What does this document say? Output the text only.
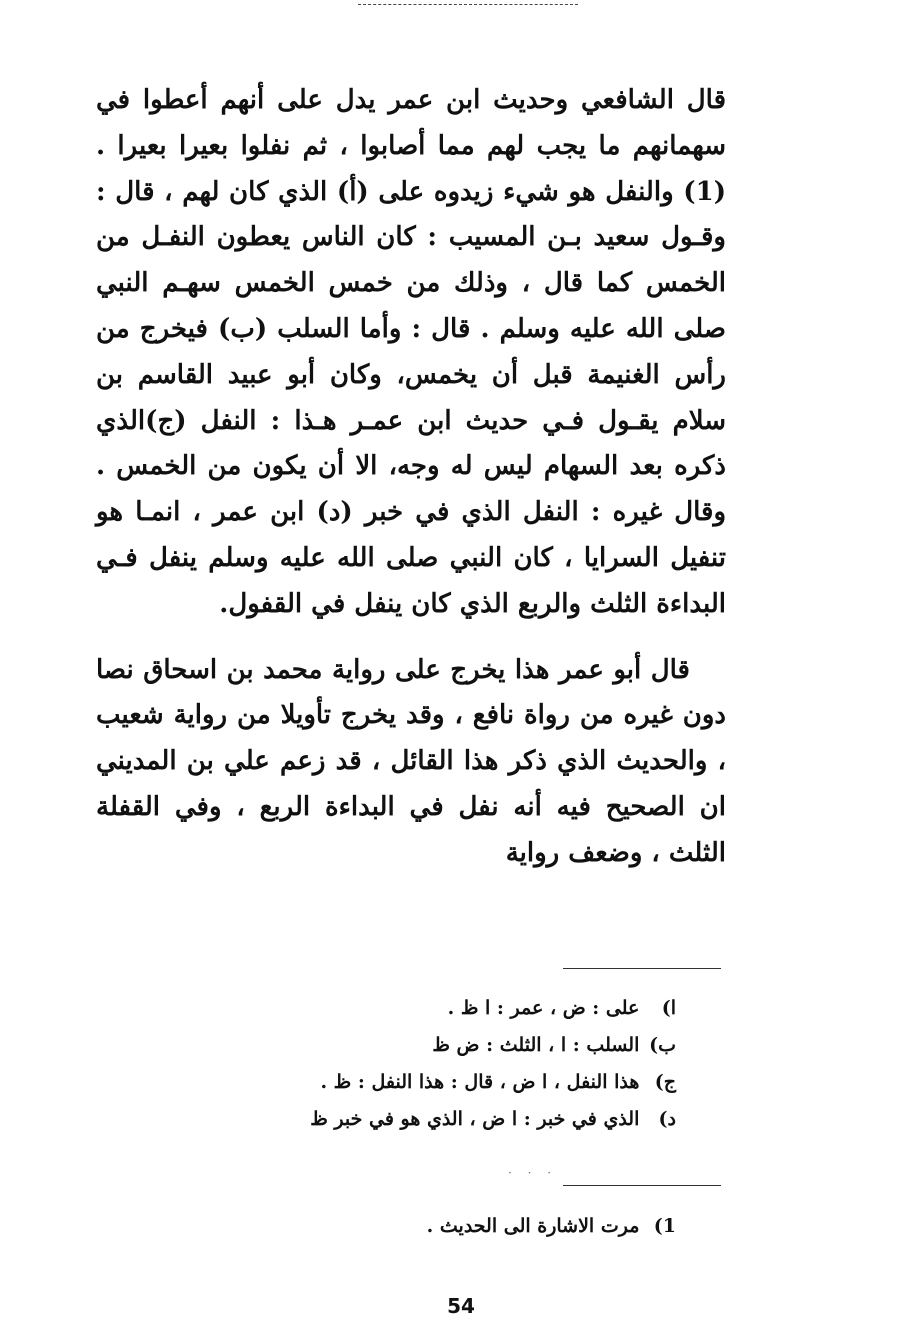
قال الشافعي وحديث ابن عمر يدل على أنهم أعطوا في سهمانهم ما يجب لهم مما أصابوا ، ثم نفلوا بعيرا بعيرا . (1) والنفل هو شيء زيدوه على (أ) الذي كان لهم ، قال : وقـول سعيد بـن المسيب : كان الناس يعطون النفـل من الخمس كما قال ، وذلك من خمس الخمس سهـم النبي صلى الله عليه وسلم . قال : وأما السلب (ب) فيخرج من رأس الغنيمة قبل أن يخمس، وكان أبو عبيد القاسم بن سلام يقـول فـي حديث ابن عمـر هـذا : النفل (ج)الذي ذكره بعد السهام ليس له وجه، الا أن يكون من الخمس . وقال غيره : النفل الذي في خبر (د) ابن عمر ، انمـا هو تنفيل السرايا ، كان النبي صلى الله عليه وسلم ينفل فـي البداءة الثلث والربع الذي كان ينفل في القفول.

قال أبو عمر هذا يخرج على رواية محمد بن اسحاق نصا دون غيره من رواة نافع ، وقد يخرج تأويلا من رواية شعيب ، والحديث الذي ذكر هذا القائل ، قد زعم علي بن المديني ان الصحيح فيه أنه نفل في البداءة الربع ، وفي القفلة الثلث ، وضعف رواية

ا) على : ض ، عمر : ا ظ .
ب) السلب : ا ، الثلث : ض ظ
ج) هذا النفل ، ا ض ، قال : هذا النفل : ظ .
د) الذي في خبر : ا ض ، الذي هو في خبر ظ
· · ·
1) مرت الاشارة الى الحديث .
54
